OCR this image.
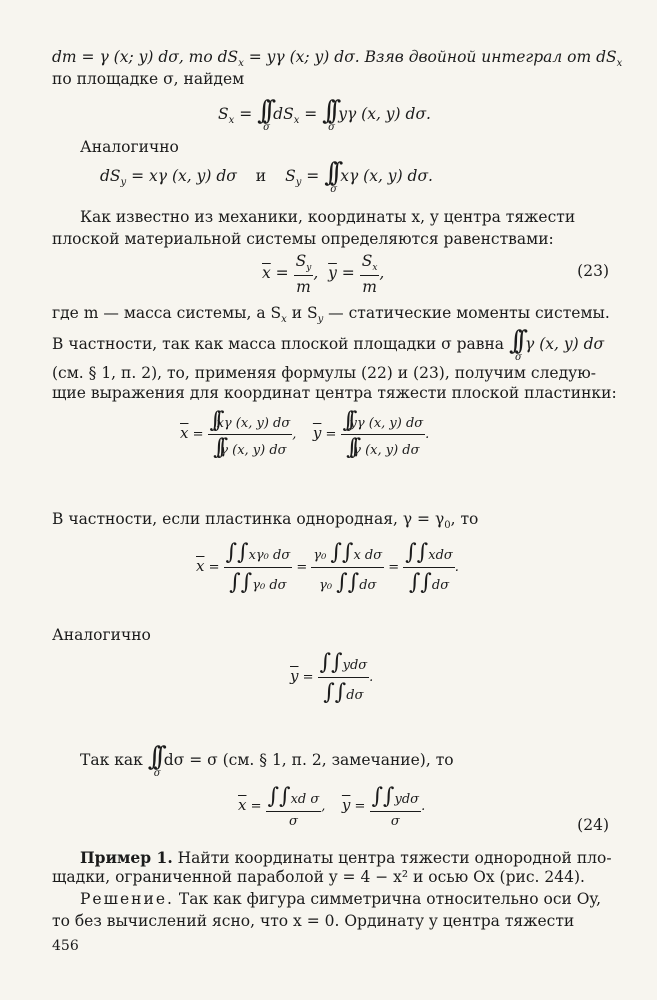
dm = γ (x; y) dσ, то $dS_x = y\gamma$ (x; y) dσ. Взяв двойной интеграл от $dS_x$
по площадке σ, найдем
$S_x$ = ∫∫
σ
$dS_x$ = ∫∫
σ
yγ (x, y) dσ.
Аналогично
$dS_y = x\gamma$ (x, y) dσ и $S_y$ = ∫∫
σ
xγ (x, y) dσ.
Как известно из механики, координаты x, y центра тяжести
плоской материальной системы определяются равенствами:
$\overline{x} = \frac{S_y}{m}$ , $\overline{y} = \frac{S_x}{m}$ ,	(23)
где m — масса системы, а $S_x$ и $S_y$ — статические моменты системы.
В частности, так как масса плоской площадки σ равна ∫∫
σ
γ (x, y) dσ
(см. § 1, п. 2), то, применяя формулы (22) и (23), получим следую-
щие выражения для координат центра тяжести плоской пластинки:
$\overline{x} = \frac{\int\int x\gamma (x, y) d\sigma}{\int\int\gamma (x, y) d\sigma}$ ,    $\overline{y} = \frac{\int\int y\gamma (x, y) d\sigma}{\int\int\gamma (x, y) d\sigma}$ .
В частности, если пластинка однородная, $\gamma = \gamma_0$, то
$\overline{x} = \frac{\text{∫∫xγ₀ dσ}}{\text{∫∫γ₀ dσ}} = \frac{\text{γ₀ ∫∫x dσ}}{\text{γ₀ ∫∫dσ}}$ =
∫∫xdσ
∫∫dσ
.
Аналогично
$\overline{y}$ =
∫∫ydσ
∫∫dσ
.
Так как ∫∫
σ
dσ = σ (см. § 1, п. 2, замечание), то
$\overline{x} = \frac{\text{∫∫xd σ}}{\sigma}$ ,    $\overline{y} = \int\int yd\sigma$
σ
.
(24)
Пример 1. Найти координаты центра тяжести однородной пло-
щадки, ограниченной параболой y = 4 − x² и осью Ox (рис. 244).
Решение. Так как фигура симметрична относительно оси Oy,
то без вычислений ясно, что x = 0. Ординату y центра тяжести
456
